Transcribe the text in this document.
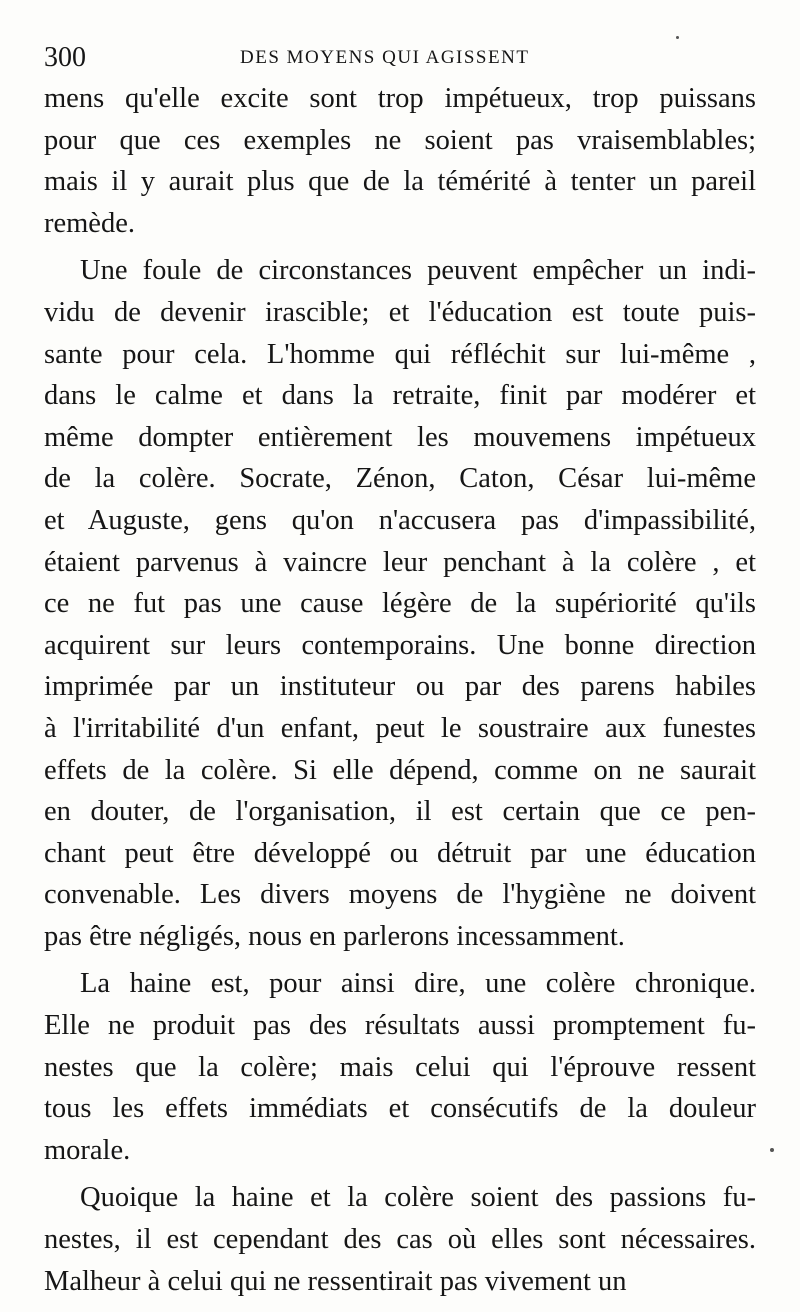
300	DES MOYENS QUI AGISSENT
mens qu'elle excite sont trop impétueux, trop puissans
pour que ces exemples ne soient pas vraisemblables;
mais il y aurait plus que de la témérité à tenter un pareil
remède.
Une foule de circonstances peuvent empêcher un indi-
vidu de devenir irascible; et l'éducation est toute puis-
sante pour cela. L'homme qui réfléchit sur lui-même ,
dans le calme et dans la retraite, finit par modérer et
même dompter entièrement les mouvemens impétueux
de la colère. Socrate, Zénon, Caton, César lui-même
et Auguste, gens qu'on n'accusera pas d'impassibilité,
étaient parvenus à vaincre leur penchant à la colère , et
ce ne fut pas une cause légère de la supériorité qu'ils
acquirent sur leurs contemporains. Une bonne direction
imprimée par un instituteur ou par des parens habiles
à l'irritabilité d'un enfant, peut le soustraire aux funestes
effets de la colère. Si elle dépend, comme on ne saurait
en douter, de l'organisation, il est certain que ce pen-
chant peut être développé ou détruit par une éducation
convenable. Les divers moyens de l'hygiène ne doivent
pas être négligés, nous en parlerons incessamment.
La haine est, pour ainsi dire, une colère chronique.
Elle ne produit pas des résultats aussi promptement fu-
nestes que la colère; mais celui qui l'éprouve ressent
tous les effets immédiats et consécutifs de la douleur
morale.
Quoique la haine et la colère soient des passions fu-
nestes, il est cependant des cas où elles sont nécessaires.
Malheur à celui qui ne ressentirait pas vivement un
